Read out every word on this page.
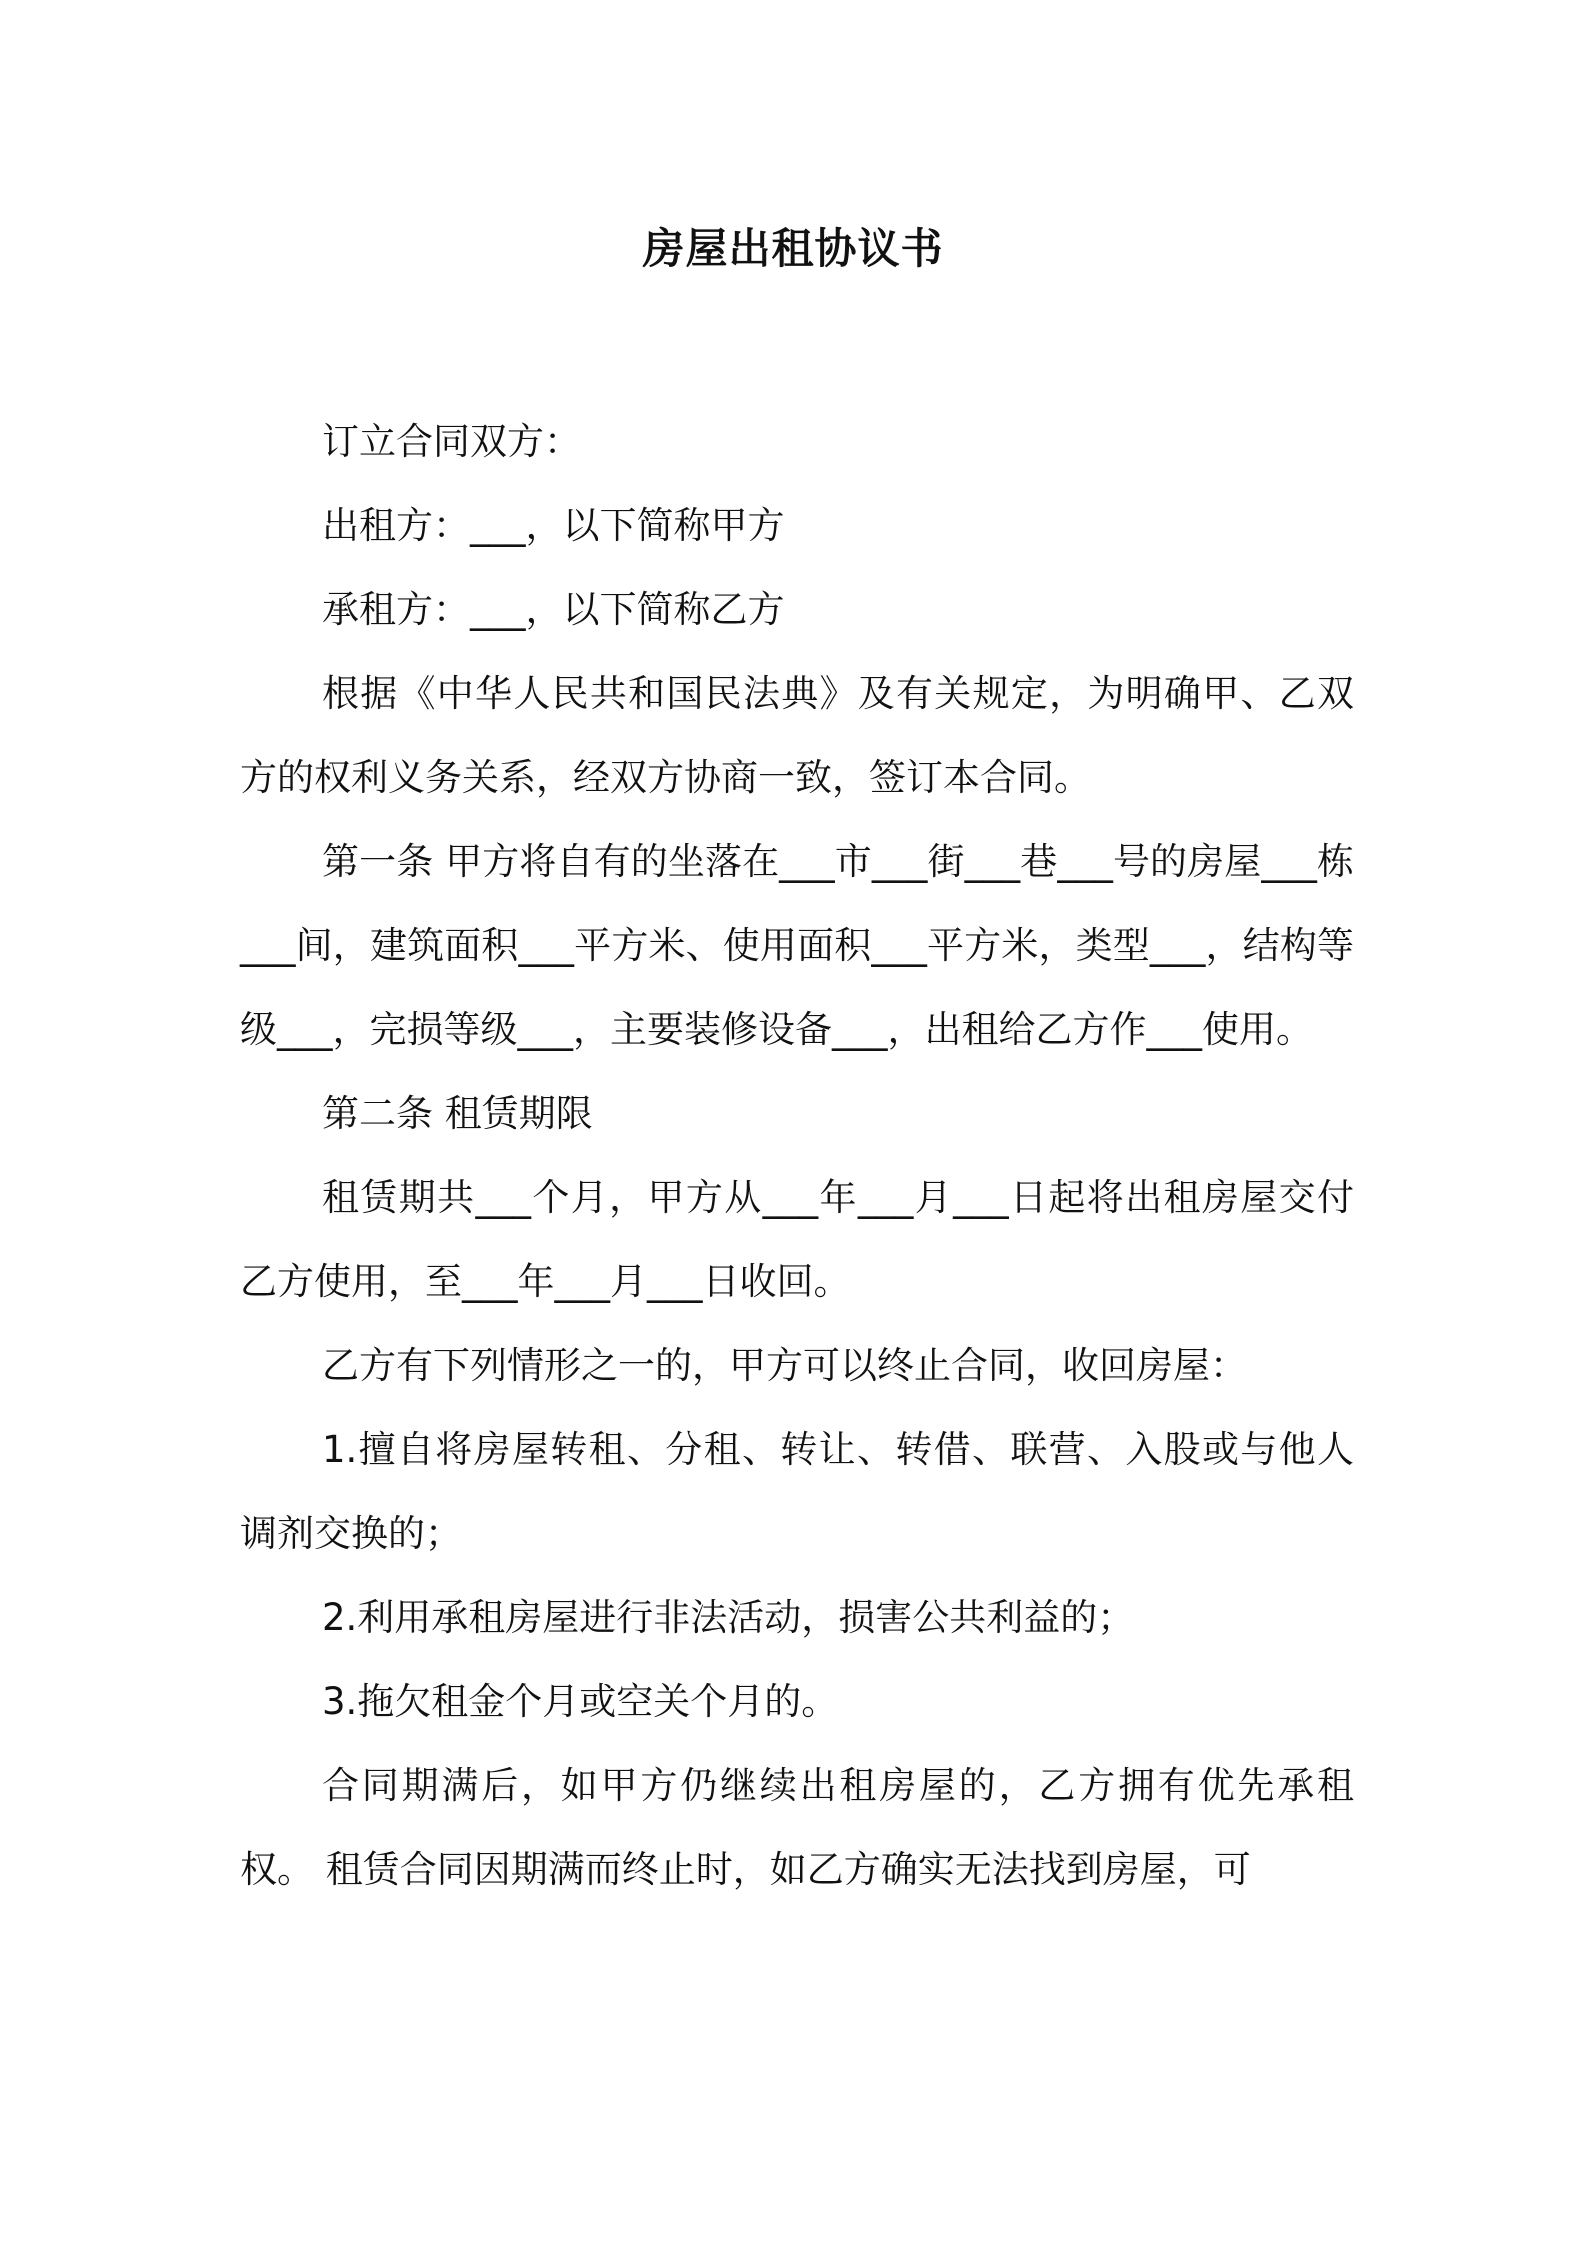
房屋出租协议书

订立合同双方：

出租方：___，以下简称甲方

承租方：___，以下简称乙方

根据《中华人民共和国民法典》及有关规定，为明确甲、乙双方的权利义务关系，经双方协商一致，签订本合同。

第一条 甲方将自有的坐落在___市___街___巷___号的房屋___栋___间，建筑面积___平方米、使用面积___平方米，类型___，结构等级___，完损等级___，主要装修设备___，出租给乙方作___使用。

第二条 租赁期限

租赁期共___个月，甲方从___年___月___日起将出租房屋交付乙方使用，至___年___月___日收回。

乙方有下列情形之一的，甲方可以终止合同，收回房屋：

1.擅自将房屋转租、分租、转让、转借、联营、入股或与他人调剂交换的；

2.利用承租房屋进行非法活动，损害公共利益的；

3.拖欠租金个月或空关个月的。

合同期满后，如甲方仍继续出租房屋的，乙方拥有优先承租权。 租赁合同因期满而终止时，如乙方确实无法找到房屋，可
